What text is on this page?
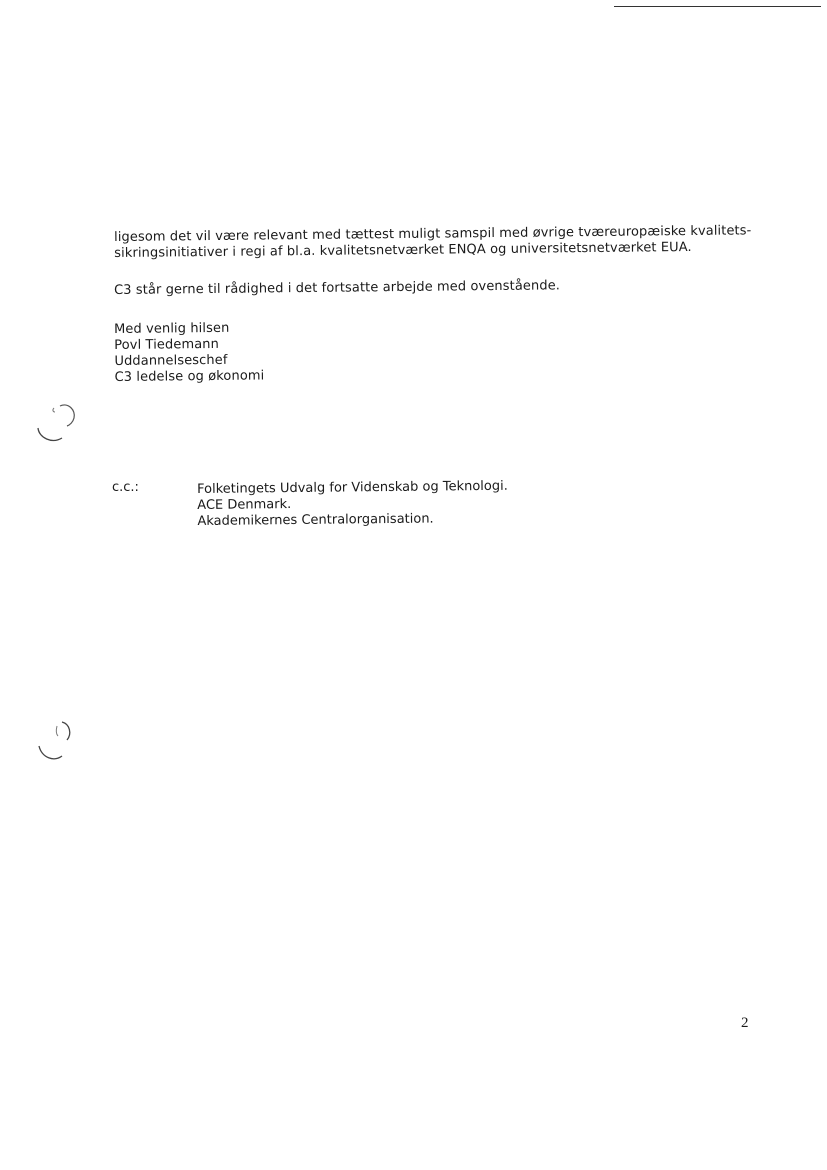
ligesom det vil være relevant med tættest muligt samspil med øvrige tværeuropæiske kvalitets-
sikringsinitiativer i regi af bl.a. kvalitetsnetværket ENQA og universitetsnetværket EUA.
C3 står gerne til rådighed i det fortsatte arbejde med ovenstående.
Med venlig hilsen
Povl Tiedemann
Uddannelseschef
C3 ledelse og økonomi
c.c.:	Folketingets Udvalg for Videnskab og Teknologi.
ACE Denmark.
Akademikernes Centralorganisation.
2
